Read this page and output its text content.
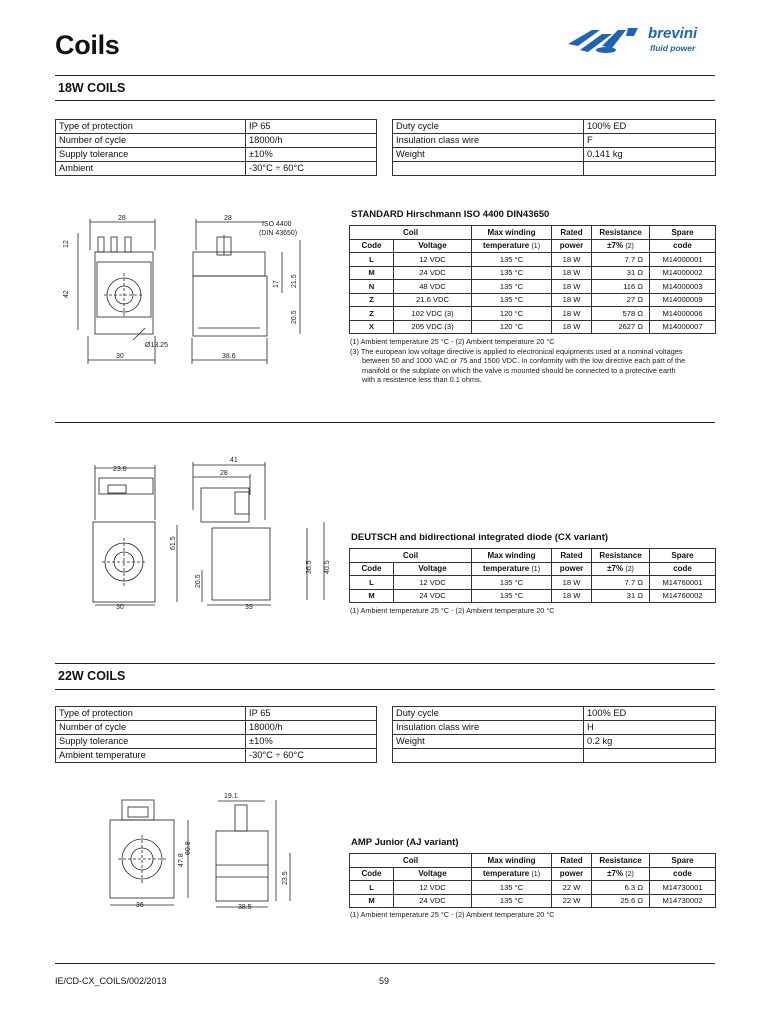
Coils	brevini
fluid power
18W COILS
Type of protection	IP 65
Number of cycle	18000/h
Supply tolerance	±10%
Ambient	-30°C ÷ 60°C
Duty cycle	100% ED
Insulation class wire	F
Weight	0.141 kg

28
12
42
Ø13.25
30
28
ISO 4400
(DIN 43650)
17 21.5
20.5
38.6
STANDARD Hirschmann ISO 4400 DIN43650
Coil		Max winding	Rated	Resistance	Spare
Code	Voltage	temperature (1)	power	±7% (2)	code
L	12 VDC	135 °C	18 W	7.7 Ω	M14000001
M	24 VDC	135 °C	18 W	31 Ω	M14000002
N	48 VDC	135 °C	18 W	116 Ω	M14000003
Z	21.6 VDC	135 °C	18 W	27 Ω	M14000009
Z	102 VDC (3)	120 °C	18 W	578 Ω	M14000006
X	205 VDC (3)	120 °C	18 W	2627 Ω	M14000007
(1) Ambient temperature 25 °C - (2) Ambient temperature 20 °C
(3) The european low voltage directive is applied to electronical equipments used at a nominal voltages
between 50 and 1000 VAC or 75 and 1500 VDC. In conformity with the low directive each part of the
manifold or the subplate on which the valve is mounted should be connected to a protective earth
with a resistence less than 0.1 ohms.
23.8
61.5
20.5
30
41
28
36.5 40.5
39
DEUTSCH and bidirectional integrated diode (CX variant)
Coil		Max winding	Rated	Resistance	Spare
Code	Voltage	temperature (1)	power	±7% (2)	code
L	12 VDC	135 °C	18 W	7.7 Ω	M14760001
M	24 VDC	135 °C	18 W	31 Ω	M14760002
(1) Ambient temperature 25 °C - (2) Ambient temperature 20 °C
22W COILS
Type of protection	IP 65
Number of cycle	18000/h
Supply tolerance	±10%
Ambient temperature	-30°C ÷ 60°C
Duty cycle	100% ED
Insulation class wire	H
Weight	0.2 kg

47.8
36
19.1
60.8
23.5
38.5
AMP Junior (AJ variant)
Coil		Max winding	Rated	Resistance	Spare
Code	Voltage	temperature (1)	power	±7% (2)	code
L	12 VDC	135 °C	22 W	6.3 Ω	M14730001
M	24 VDC	135 °C	22 W	25.6 Ω	M14730002
(1) Ambient temperature 25 °C - (2) Ambient temperature 20 °C
IE/CD-CX_COILS/002/2013	59
